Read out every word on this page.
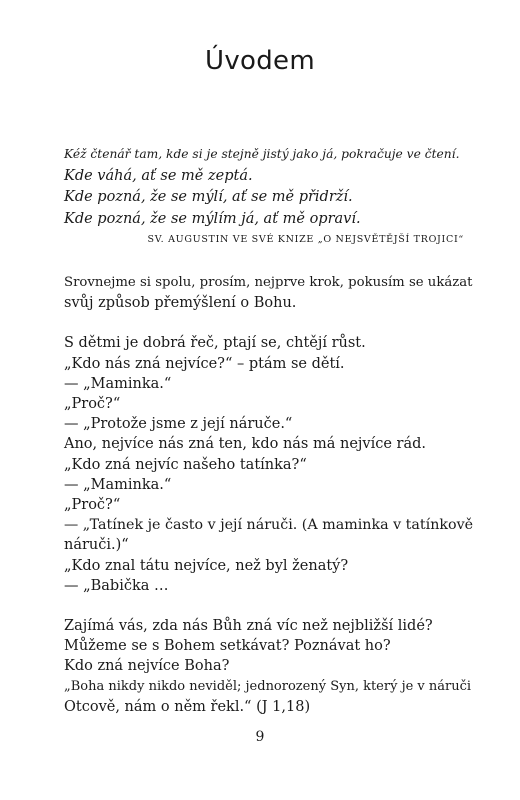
Úvodem
Kéž čtenář tam, kde si je stejně jistý jako já, pokračuje ve čtení.
Kde váhá, ať se mě zeptá.
Kde pozná, že se mýlí, ať se mě přidrží.
Kde pozná, že se mýlím já, ať mě opraví.
SV. AUGUSTIN VE SVÉ KNIZE „O NEJSVĚTĚJŠÍ TROJICI“
Srovnejme si spolu, prosím, nejprve krok, pokusím se ukázat
svůj způsob přemýšlení o Bohu.
S dětmi je dobrá řeč, ptají se, chtějí růst.
„Kdo nás zná nejvíce?“ – ptám se dětí.
— „Maminka.“
„Proč?“
— „Protože jsme z její náruče.“
Ano, nejvíce nás zná ten, kdo nás má nejvíce rád.
„Kdo zná nejvíc našeho tatínka?“
— „Maminka.“
„Proč?“
— „Tatínek je často v její náruči. (A maminka v tatínkově
náruči.)“
„Kdo znal tátu nejvíce, než byl ženatý?
— „Babička …
Zajímá vás, zda nás Bůh zná víc než nejbližší lidé?
Můžeme se s Bohem setkávat? Poznávat ho?
Kdo zná nejvíce Boha?
„Boha nikdy nikdo neviděl; jednorozený Syn, který je v náruči
Otcově, nám o něm řekl.“ (J 1,18)
9
